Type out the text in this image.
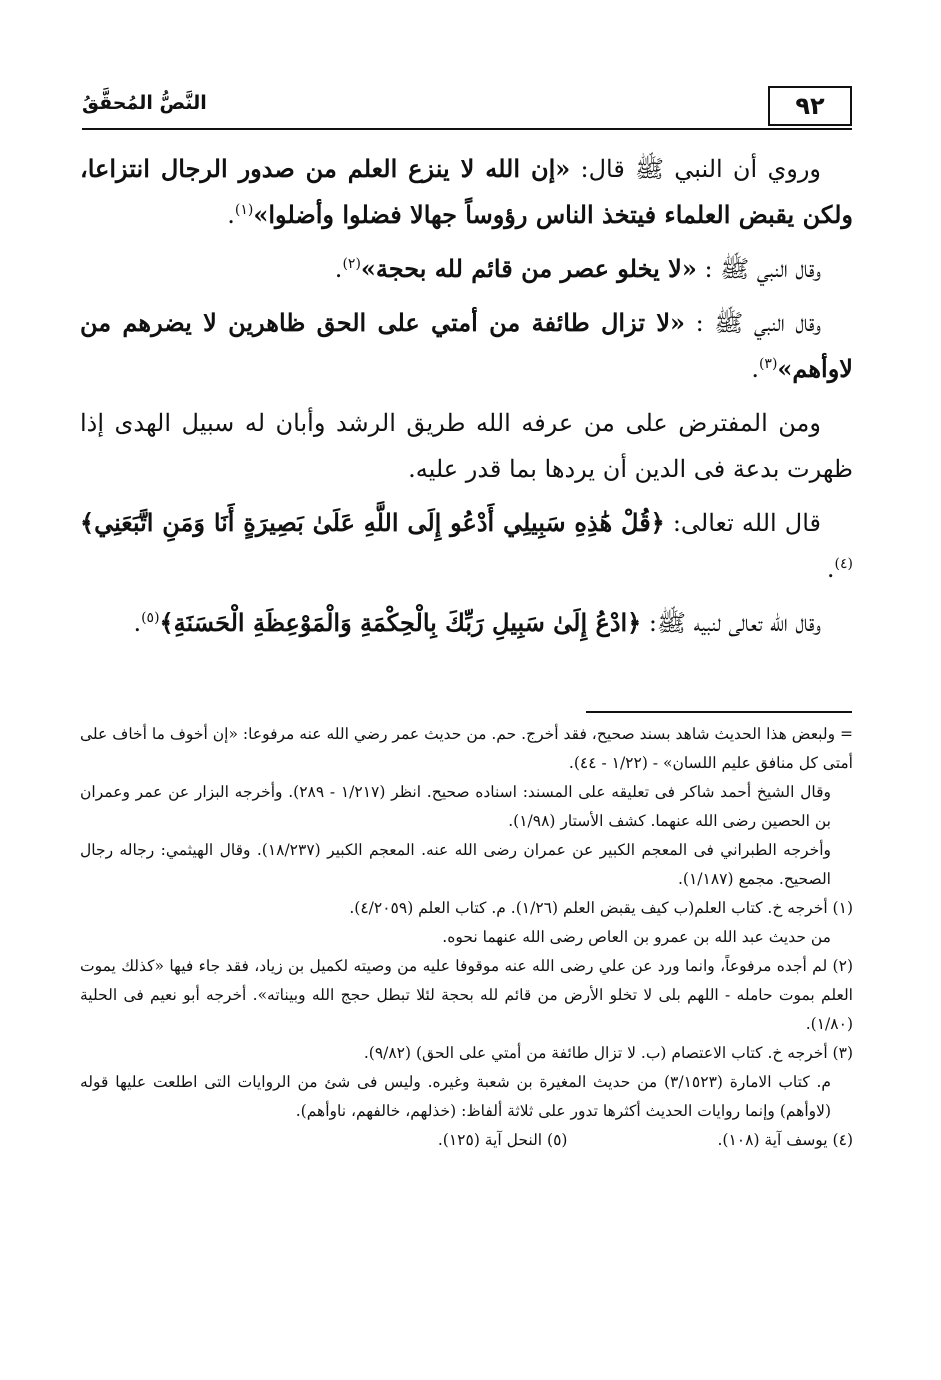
٩٢
النَّصُّ المُحقَّقُ

وروي أن النبي ﷺ قال: «إن الله لا ينزع العلم من صدور الرجال انتزاعا، ولكن يقبض العلماء فيتخذ الناس رؤوساً جهالا فضلوا وأضلوا»$^{(١)}$.

وقال النبي ﷺ : «لا يخلو عصر من قائم لله بحجة»$^{(٢)}$.

وقال النبي ﷺ : «لا تزال طائفة من أمتي على الحق ظاهرين لا يضرهم من لاوأهم»$^{(٣)}$.

ومن المفترض على من عرفه الله طريق الرشد وأبان له سبيل الهدى إذا ظهرت بدعة فى الدين أن يردها بما قدر عليه.

قال الله تعالى: ﴿قُلْ هَٰذِهِ سَبِيلِي أَدْعُو إِلَى اللَّهِ عَلَىٰ بَصِيرَةٍ أَنَا وَمَنِ اتَّبَعَنِي﴾$^{(٤)}$.

وقال الله تعالى لنبيه ﷺ: ﴿ادْعُ إِلَىٰ سَبِيلِ رَبِّكَ بِالْحِكْمَةِ وَالْمَوْعِظَةِ الْحَسَنَةِ﴾$^{(٥)}$.

= ولبعض هذا الحديث شاهد بسند صحيح، فقد أخرج. حم. من حديث عمر رضي الله عنه مرفوعا: «إن أخوف ما أخاف على أمتى كل منافق عليم اللسان» - (١/٢٢ - ٤٤).

وقال الشيخ أحمد شاكر فى تعليقه على المسند: اسناده صحيح. انظر (١/٢١٧ - ٢٨٩). وأخرجه البزار عن عمر وعمران بن الحصين رضى الله عنهما. كشف الأستار (١/٩٨).

وأخرجه الطبراني فى المعجم الكبير عن عمران رضى الله عنه. المعجم الكبير (١٨/٢٣٧). وقال الهيثمي: رجاله رجال الصحيح. مجمع (١/١٨٧).

(١) أخرجه خ. كتاب العلم(ب كيف يقبض العلم (١/٢٦). م. كتاب العلم (٤/٢٠٥٩).

من حديث عبد الله بن عمرو بن العاص رضى الله عنهما نحوه.

(٢) لم أجده مرفوعاً، وانما ورد عن علي رضى الله عنه موقوفا عليه من وصيته لكميل بن زياد، فقد جاء فيها «كذلك يموت العلم بموت حامله - اللهم بلى لا تخلو الأرض من قائم لله بحجة لئلا تبطل حجج الله وبيناته». أخرجه أبو نعيم فى الحلية (١/٨٠).

(٣) أخرجه خ. كتاب الاعتصام (ب. لا تزال طائفة من أمتي على الحق) (٩/٨٢).

م. كتاب الامارة (٣/١٥٢٣) من حديث المغيرة بن شعبة وغيره. وليس فى شئ من الروايات التى اطلعت عليها قوله (لاوأهم) وإنما روايات الحديث أكثرها تدور على ثلاثة ألفاظ: (خذلهم، خالفهم، ناوأهم).

(٤) يوسف آية (١٠٨).
(٥) النحل آية (١٢٥).
